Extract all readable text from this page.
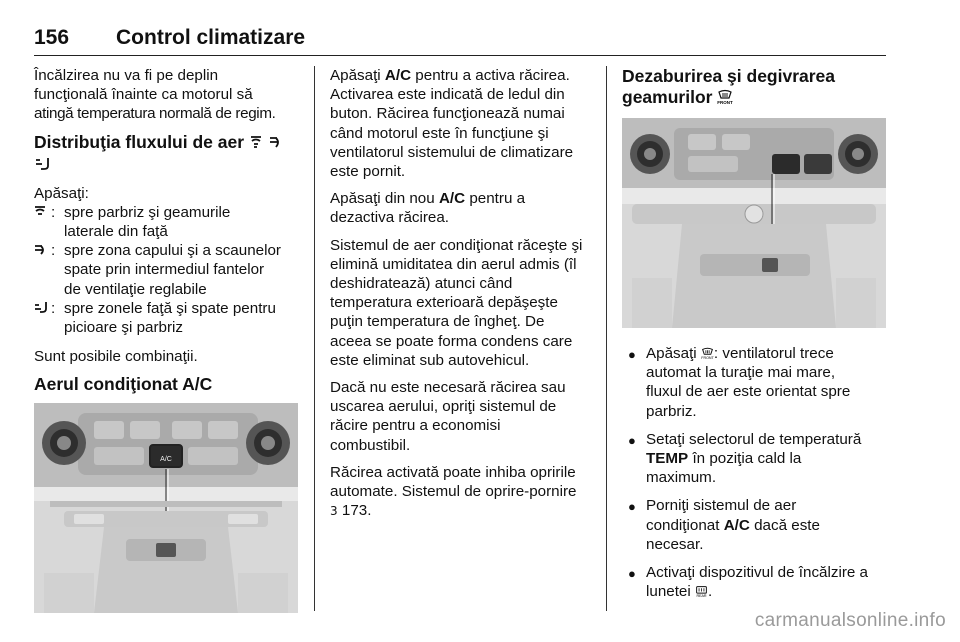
156 Control climatizare

Încălzirea nu va fi pe deplin
funcţională înainte ca motorul să
atingă temperatura normală de regim.

Distribuţia fluxului de aer

Apăsaţi:

: spre parbriz şi geamurile
laterale din faţă
: spre zona capului şi a scaunelor
spate prin intermediul fantelor
de ventilaţie reglabile
: spre zonele faţă şi spate pentru
picioare şi parbriz

Sunt posibile combinaţii.

Aerul condiţionat A/C
A/C

Apăsaţi A/C pentru a activa răcirea.
Activarea este indicată de ledul din
buton. Răcirea funcţionează numai
când motorul este în funcţiune şi
ventilatorul sistemului de climatizare
este pornit.

Apăsaţi din nou A/C pentru a
dezactiva răcirea.

Sistemul de aer condiţionat răceşte şi
elimină umiditatea din aerul admis (îl
deshidratează) atunci când
temperatura exterioară depăşeşte
puţin temperatura de îngheţ. De
aceea se poate forma condens care
este eliminat sub autovehicul.

Dacă nu este necesară răcirea sau
uscarea aerului, opriţi sistemul de
răcire pentru a economisi
combustibil.

Răcirea activată poate inhiba opririle
automate. Sistemul de oprire-pornire
3 173.

Dezaburirea şi degivrarea
geamurilor FRONT
● Apăsaţi FRONT : ventilatorul trece
automat la turaţie mai mare,
fluxul de aer este orientat spre
parbriz.
● Setaţi selectorul de temperatură
TEMP în poziţia cald la
maximum.
● Porniţi sistemul de aer
condiţionat A/C dacă este
necesar.
● Activaţi dispozitivul de încălzire a
lunetei REAR .
carmanualsonline.info
